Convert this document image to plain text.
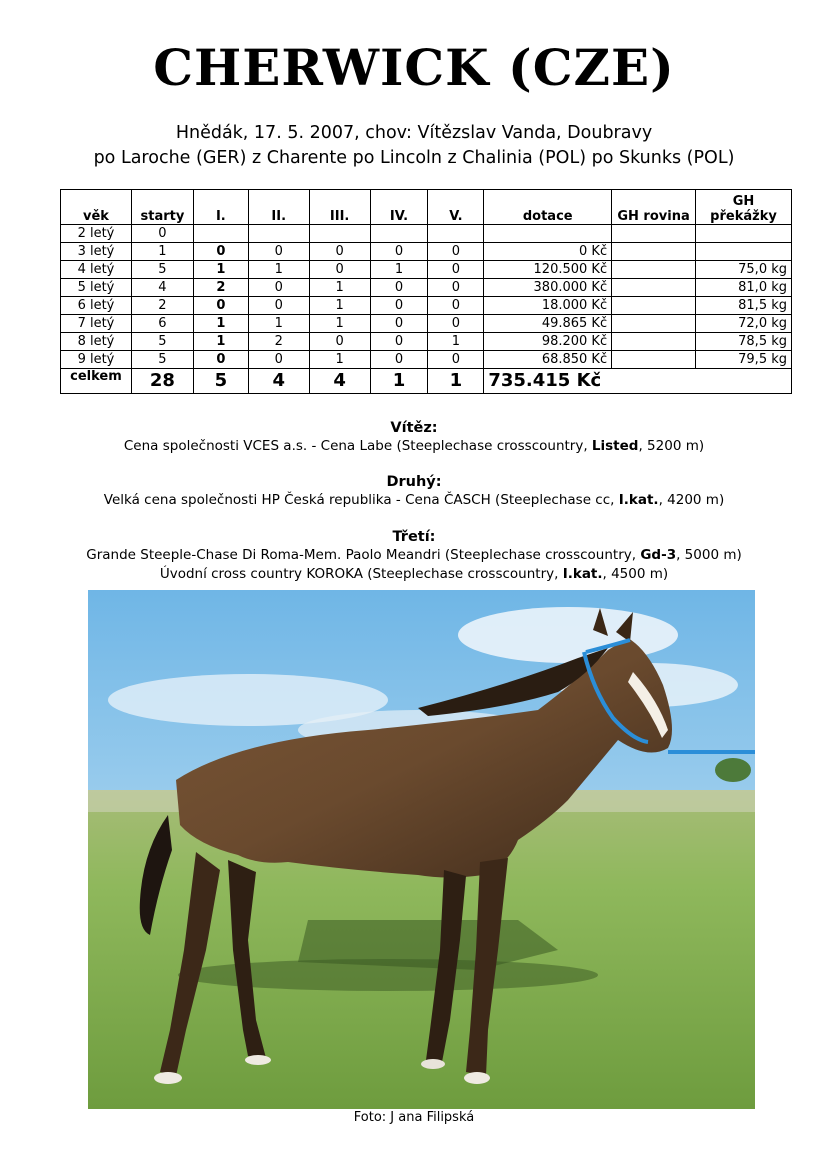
CHERWICK (CZE)
Hnědák, 17. 5. 2007, chov: Vítězslav Vanda, Doubravy
po Laroche (GER) z Charente po Lincoln z Chalinia (POL) po Skunks (POL)
věk	starty	I.	II.	III.	IV.	V.	dotace	GH rovina	GH překážky
2 letý	0								
3 letý	1	0	0	0	0	0	0 Kč		
4 letý	5	1	1	0	1	0	120.500 Kč		75,0 kg
5 letý	4	2	0	1	0	0	380.000 Kč		81,0 kg
6 letý	2	0	0	1	0	0	18.000 Kč		81,5 kg
7 letý	6	1	1	1	0	0	49.865 Kč		72,0 kg
8 letý	5	1	2	0	0	1	98.200 Kč		78,5 kg
9 letý	5	0	0	1	0	0	68.850 Kč		79,5 kg
celkem	28	5	4	4	1	1	735.415 Kč		
Vítěz:
Cena společnosti VCES a.s. - Cena Labe (Steeplechase crosscountry, Listed, 5200 m)
Druhý:
Velká cena společnosti HP Česká republika - Cena ČASCH (Steeplechase cc, I.kat., 4200 m)
Třetí:
Grande Steeple-Chase Di Roma-Mem. Paolo Meandri (Steeplechase crosscountry, Gd-3, 5000 m)
Úvodní cross country KOROKA (Steeplechase crosscountry, I.kat., 4500 m)
Foto: J ana Filipská
